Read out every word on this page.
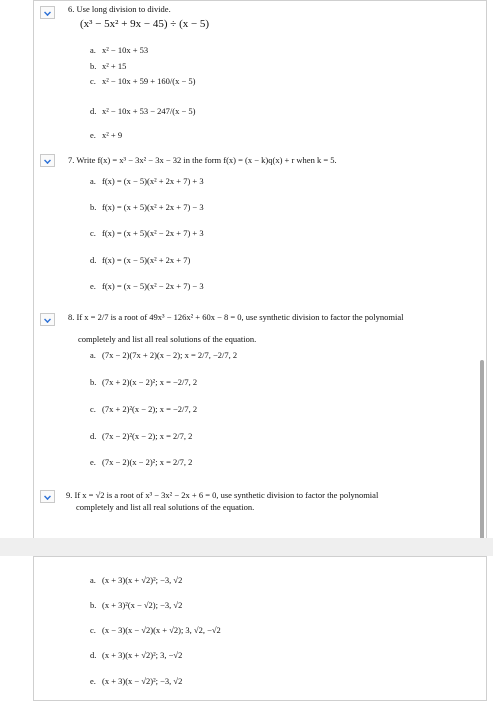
6. Use long division to divide.
(x³ − 5x² + 9x − 45) ÷ (x − 5)
a. x² − 10x + 53
b. x² + 15
c. x² − 10x + 59 + 160/(x − 5)
d. x² − 10x + 53 − 247/(x − 5)
e. x² + 9
7. Write f(x) = x³ − 3x² − 3x − 32 in the form f(x) = (x − k)q(x) + r when k = 5.
a. f(x) = (x − 5)(x² + 2x + 7) + 3
b. f(x) = (x + 5)(x² + 2x + 7) − 3
c. f(x) = (x + 5)(x² − 2x + 7) + 3
d. f(x) = (x − 5)(x² + 2x + 7)
e. f(x) = (x − 5)(x² − 2x + 7) − 3
8. If x = 2/7 is a root of 49x³ − 126x² + 60x − 8 = 0, use synthetic division to factor the polynomial
completely and list all real solutions of the equation.
a. (7x − 2)(7x + 2)(x − 2); x = 2/7, −2/7, 2
b. (7x + 2)(x − 2)²; x = −2/7, 2
c. (7x + 2)²(x − 2); x = −2/7, 2
d. (7x − 2)²(x − 2); x = 2/7, 2
e. (7x − 2)(x − 2)²; x = 2/7, 2
9. If x = √2 is a root of x³ − 3x² − 2x + 6 = 0, use synthetic division to factor the polynomial
completely and list all real solutions of the equation.
a. (x + 3)(x + √2)²; −3, √2
b. (x + 3)²(x − √2); −3, √2
c. (x − 3)(x − √2)(x + √2); 3, √2, −√2
d. (x + 3)(x + √2)²; 3, −√2
e. (x + 3)(x − √2)²; −3, √2
